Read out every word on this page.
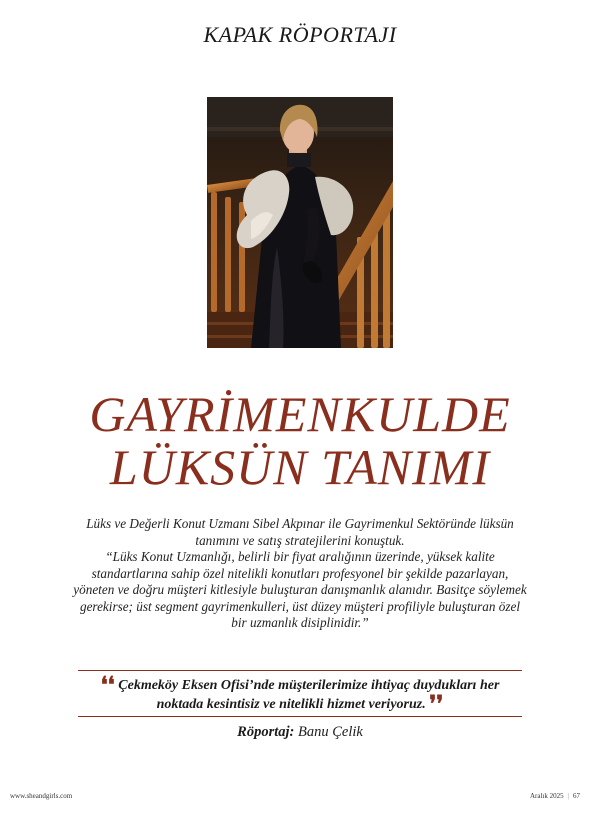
KAPAK RÖPORTAJI
GAYRİMENKULDE
LÜKSÜN TANIMI

Lüks ve Değerli Konut Uzmanı Sibel Akpınar ile Gayrimenkul Sektöründe lüksün

tanımını ve satış stratejilerini konuştuk.

“Lüks Konut Uzmanlığı, belirli bir fiyat aralığının üzerinde, yüksek kalite

standartlarına sahip özel nitelikli konutları profesyonel bir şekilde pazarlayan,

yöneten ve doğru müşteri kitlesiyle buluşturan danışmanlık alanıdır. Basitçe söylemek

gerekirse; üst segment gayrimenkulleri, üst düzey müşteri profiliyle buluşturan özel

bir uzmanlık disiplinidir.”

❛❛ Çekmeköy Eksen Ofisi’nde müşterilerimize ihtiyaç duydukları her
noktada kesintisiz ve nitelikli hizmet veriyoruz. ❜❜
Röportaj: Banu Çelik
www.sheandgirls.com	Aralık 2025 | 67
